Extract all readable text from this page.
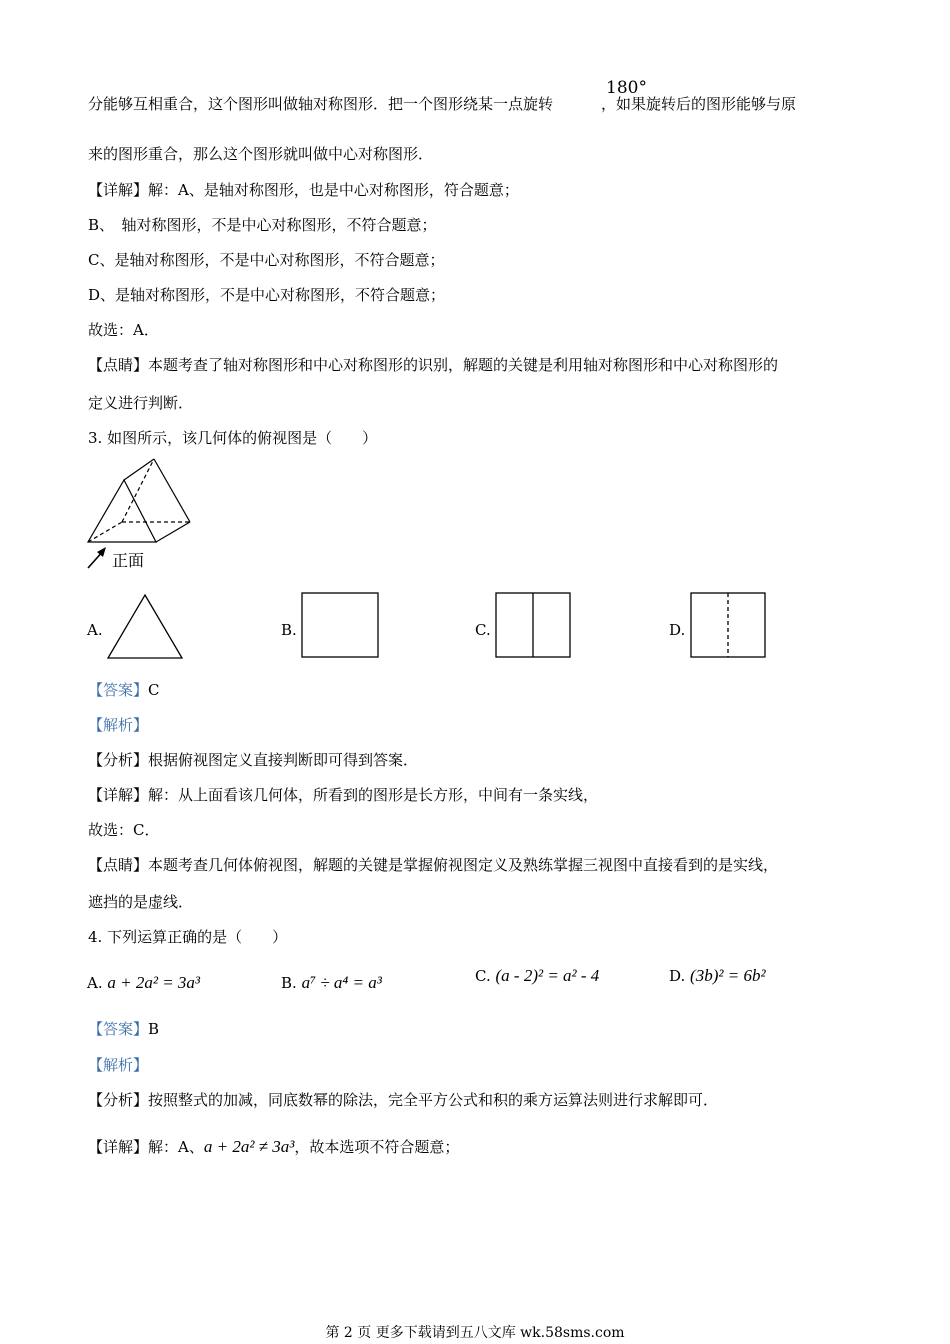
分能够互相重合，这个图形叫做轴对称图形．把一个图形绕某一点旋转	，如果旋转后的图形能够与原
180°
来的图形重合，那么这个图形就叫做中心对称图形．
【详解】解：A、是轴对称图形，也是中心对称图形，符合题意；
B、　轴对称图形，不是中心对称图形，不符合题意；
C、是轴对称图形，不是中心对称图形，不符合题意；
D、是轴对称图形，不是中心对称图形，不符合题意；
故选：A．
【点睛】本题考查了轴对称图形和中心对称图形的识别，解题的关键是利用轴对称图形和中心对称图形的
定义进行判断．
3. 如图所示，该几何体的俯视图是（　　）
正面
A.	B.	C.	D.
【答案】C
【解析】
【分析】根据俯视图定义直接判断即可得到答案．
【详解】解：从上面看该几何体，所看到的图形是长方形，中间有一条实线，
故选：C．
【点睛】本题考查几何体俯视图，解题的关键是掌握俯视图定义及熟练掌握三视图中直接看到的是实线，
遮挡的是虚线．
4. 下列运算正确的是（　　）
A. a + 2a² = 3a³	B. a⁷ ÷ a⁴ = a³	C. (a - 2)² = a² - 4	D. (3b)² = 6b²
【答案】B
【解析】
【分析】按照整式的加减，同底数幂的除法，完全平方公式和积的乘方运算法则进行求解即可．
【详解】解：A、a + 2a² ≠ 3a³，故本选项不符合题意；
第 2 页 更多下载请到五八文库 wk.58sms.com
